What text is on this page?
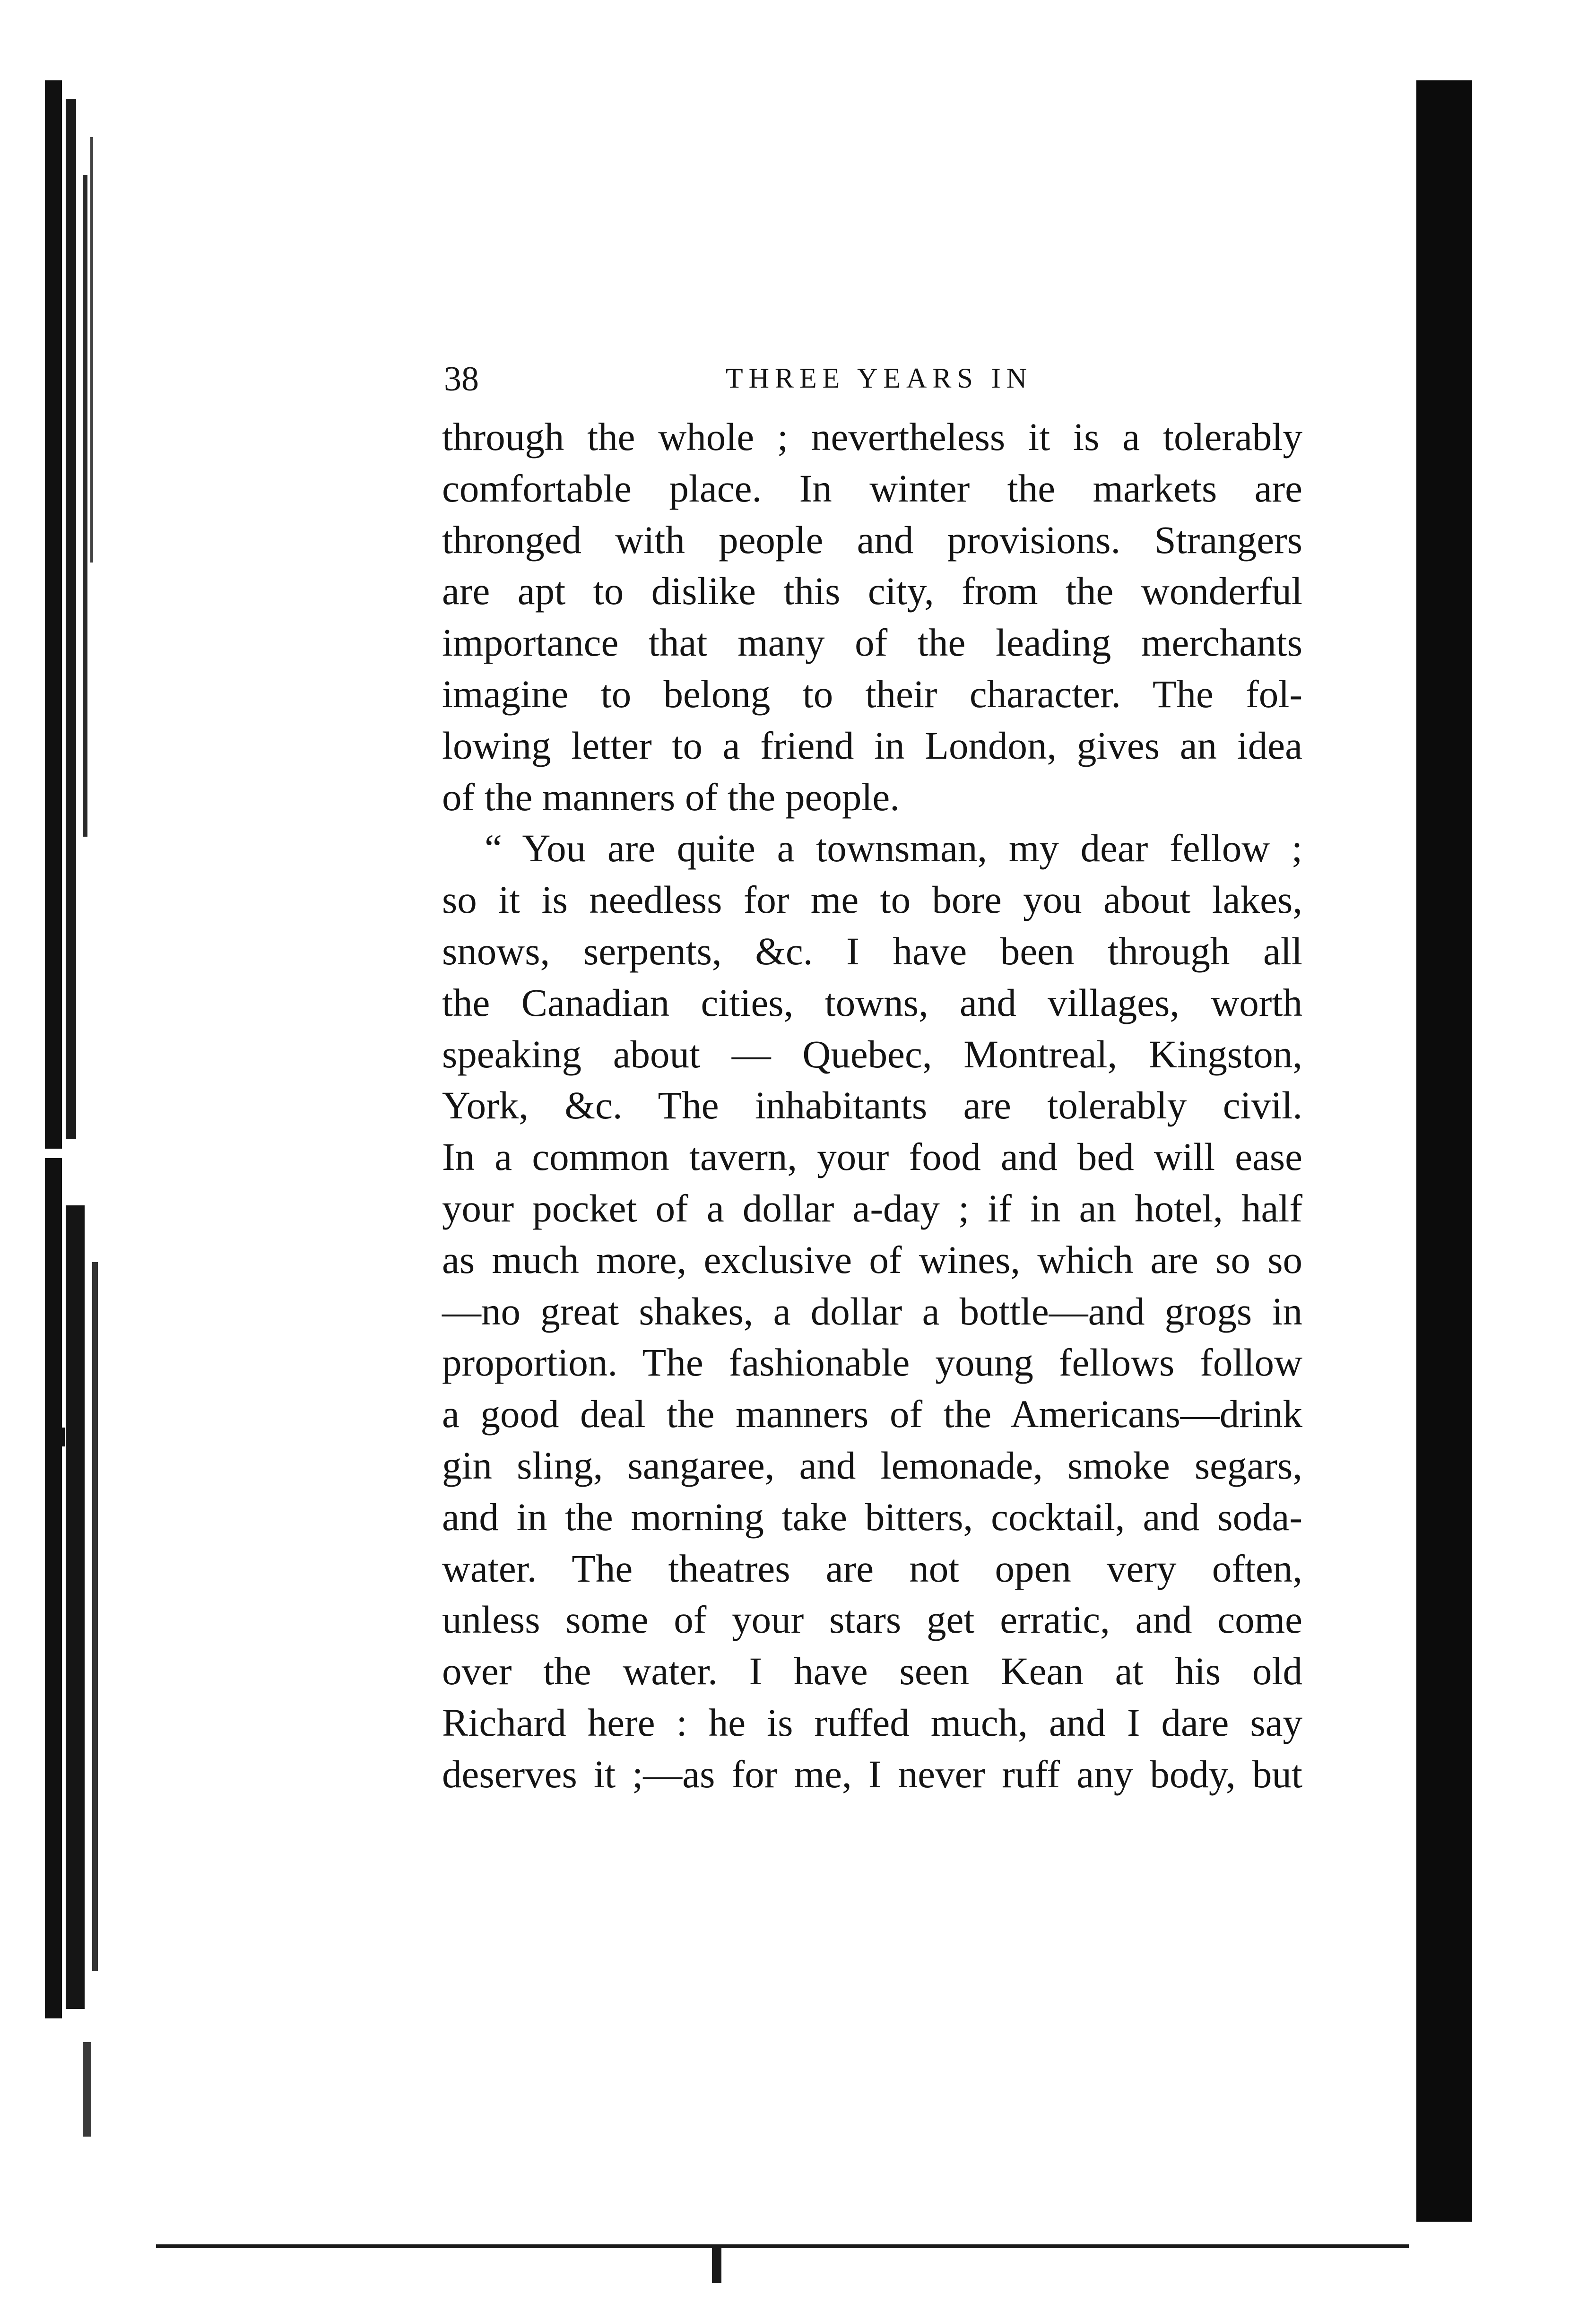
38	THREE YEARS IN
through the whole ; nevertheless it is a tolerably
comfortable place. In winter the markets are
thronged with people and provisions. Strangers
are apt to dislike this city, from the wonderful
importance that many of the leading merchants
imagine to belong to their character. The fol-
lowing letter to a friend in London, gives an idea
of the manners of the people.
“ You are quite a townsman, my dear fellow ;
so it is needless for me to bore you about lakes,
snows, serpents, &c. I have been through all
the Canadian cities, towns, and villages, worth
speaking about — Quebec, Montreal, Kingston,
York, &c. The inhabitants are tolerably civil.
In a common tavern, your food and bed will ease
your pocket of a dollar a-day ; if in an hotel, half
as much more, exclusive of wines, which are so so
—no great shakes, a dollar a bottle—and grogs in
proportion. The fashionable young fellows follow
a good deal the manners of the Americans—drink
gin sling, sangaree, and lemonade, smoke segars,
and in the morning take bitters, cocktail, and soda-
water. The theatres are not open very often,
unless some of your stars get erratic, and come
over the water. I have seen Kean at his old
Richard here : he is ruffed much, and I dare say
deserves it ;—as for me, I never ruff any body, but
